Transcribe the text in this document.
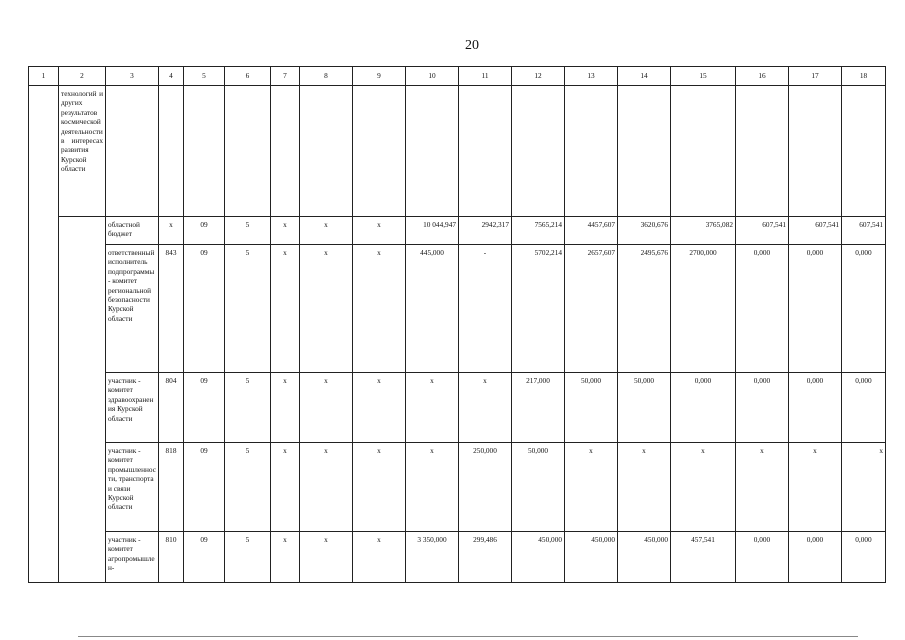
20
1	2	3	4	5	6	7	8	9	10	11	12	13	14	15	16	17	18
	технологий и других результатов космической деятельности в интересах развития Курской области																
		областной бюджет	x	09	5	x	x	x	10 044,947	2942,317	7565,214	4457,607	3620,676	3765,082	607,541	607,541	607,541
		ответственный исполнитель подпрограммы - комитет региональной безопасности Курской области	843	09	5	x	x	x	445,000	-	5702,214	2657,607	2495,676	2700,000	0,000	0,000	0,000
		участник - комитет здравоохранения Курской области	804	09	5	x	x	x	x	x	217,000	50,000	50,000	0,000	0,000	0,000	0,000
		участник - комитет промышленности, транспорта и связи Курской области	818	09	5	x	x	x	x	250,000	50,000	x	x	x	x	x	x
		участник - комитет агропромышлен-	810	09	5	x	x	x	3 350,000	299,486	450,000	450,000	450,000	457,541	0,000	0,000	0,000
